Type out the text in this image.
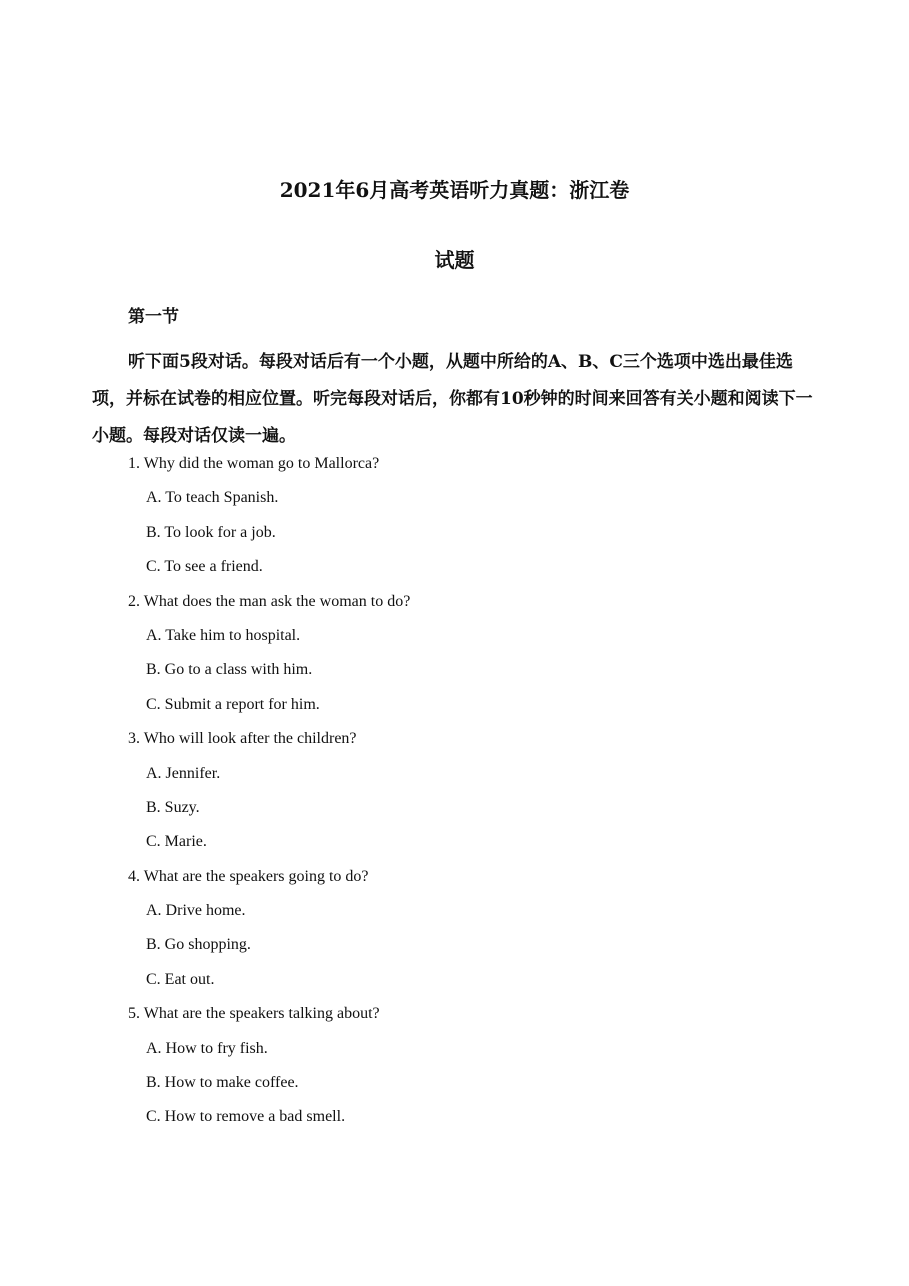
2021年6月高考英语听力真题：浙江卷
试题
第一节
听下面5段对话。每段对话后有一个小题，从题中所给的A、B、C三个选项中选出最佳选项，并标在试卷的相应位置。听完每段对话后，你都有10秒钟的时间来回答有关小题和阅读下一小题。每段对话仅读一遍。
1. Why did the woman go to Mallorca?
A. To teach Spanish.
B. To look for a job.
C. To see a friend.
2. What does the man ask the woman to do?
A. Take him to hospital.
B. Go to a class with him.
C. Submit a report for him.
3. Who will look after the children?
A. Jennifer.
B. Suzy.
C. Marie.
4. What are the speakers going to do?
A. Drive home.
B. Go shopping.
C. Eat out.
5. What are the speakers talking about?
A. How to fry fish.
B. How to make coffee.
C. How to remove a bad smell.
